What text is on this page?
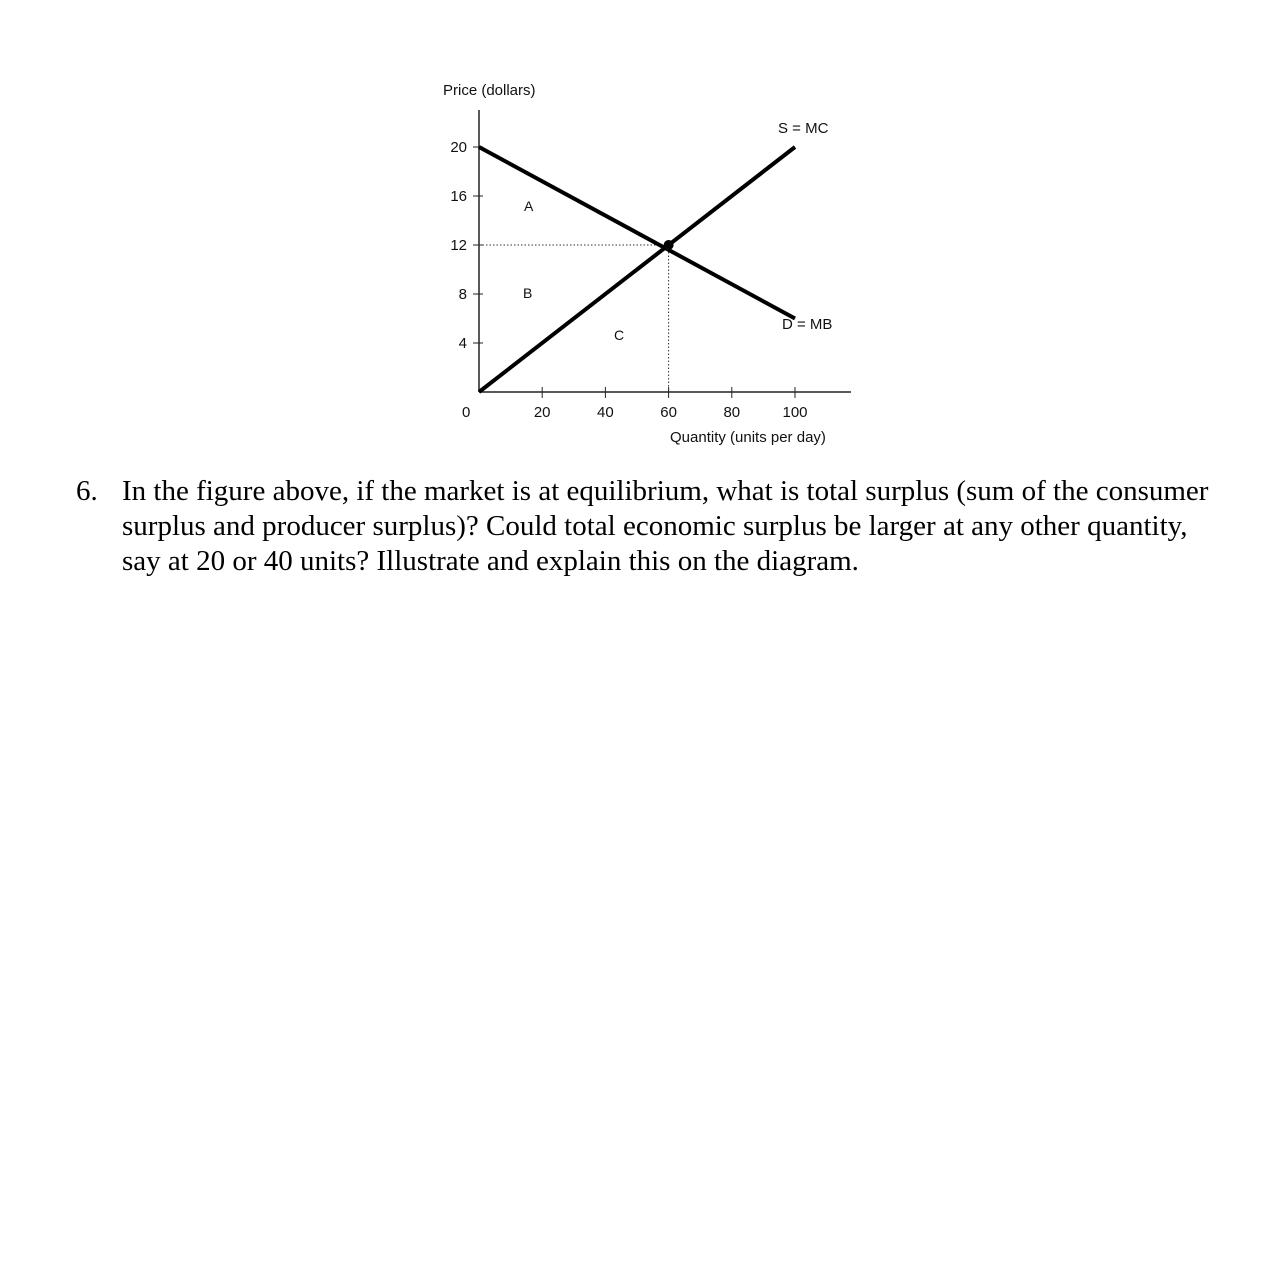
Price (dollars)
Quantity (units per day)
0
4
8
12
16
20
20	40	60	80	100
S = MC
D = MB
A
B
C
6. In the figure above, if the market is at equilibrium, what is total surplus (sum of the consumer surplus and producer surplus)? Could total economic surplus be larger at any other quantity, say at 20 or 40 units? Illustrate and explain this on the diagram.
